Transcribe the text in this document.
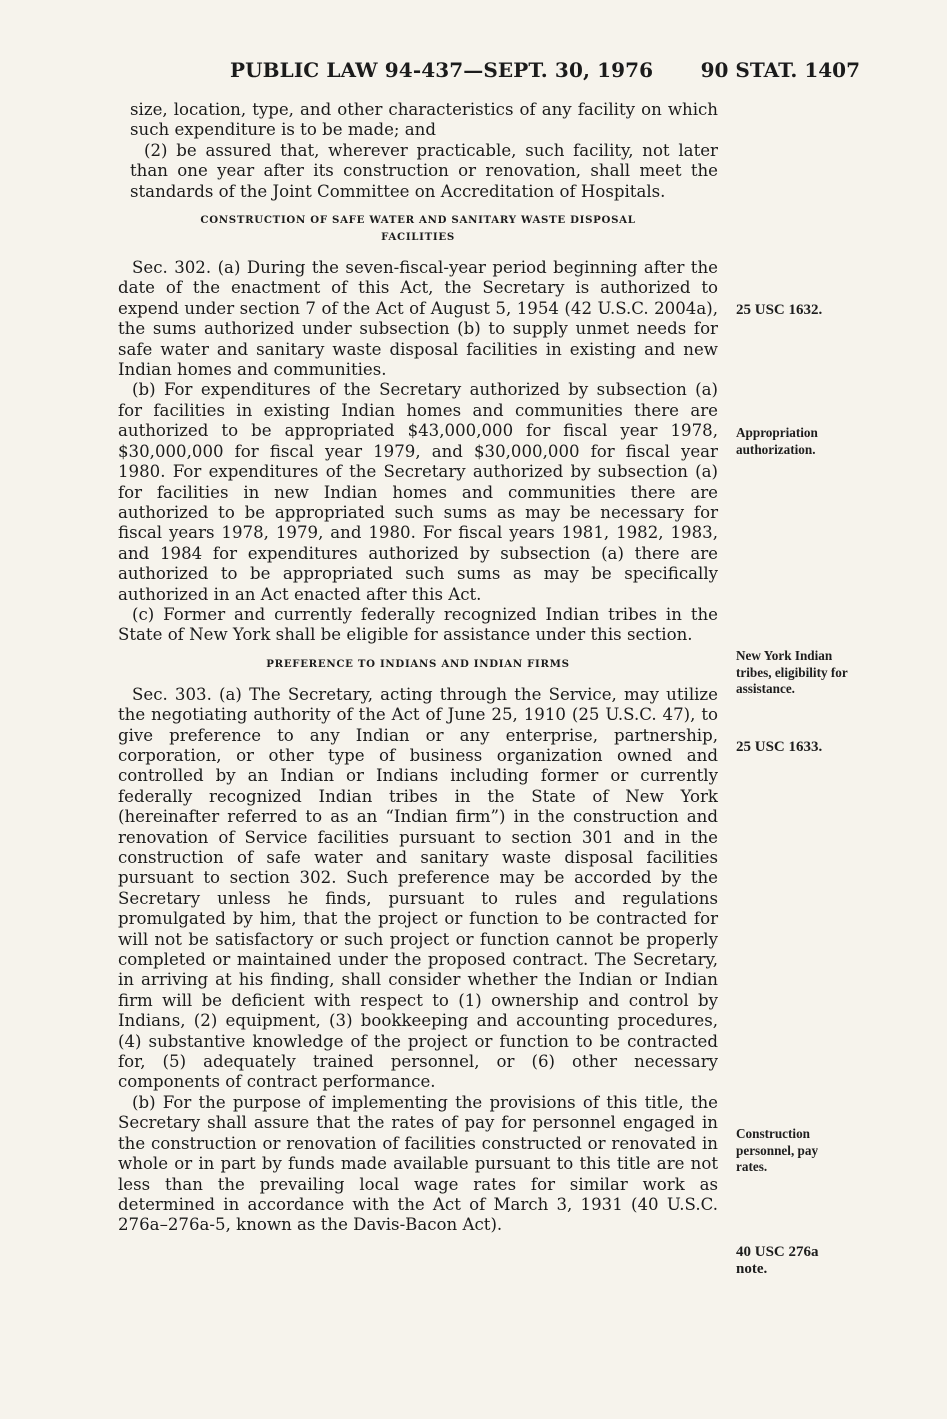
PUBLIC LAW 94-437—SEPT. 30, 1976 90 STAT. 1407

size, location, type, and other characteristics of any facility on which such expenditure is to be made; and

(2) be assured that, wherever practicable, such facility, not later than one year after its construction or renovation, shall meet the standards of the Joint Committee on Accreditation of Hospitals.

CONSTRUCTION OF SAFE WATER AND SANITARY WASTE DISPOSAL FACILITIES

Sec. 302. (a) During the seven-fiscal-year period beginning after the date of the enactment of this Act, the Secretary is authorized to expend under section 7 of the Act of August 5, 1954 (42 U.S.C. 2004a), the sums authorized under subsection (b) to supply unmet needs for safe water and sanitary waste disposal facilities in existing and new Indian homes and communities.

(b) For expenditures of the Secretary authorized by subsection (a) for facilities in existing Indian homes and communities there are authorized to be appropriated $43,000,000 for fiscal year 1978, $30,000,000 for fiscal year 1979, and $30,000,000 for fiscal year 1980. For expenditures of the Secretary authorized by subsection (a) for facilities in new Indian homes and communities there are authorized to be appropriated such sums as may be necessary for fiscal years 1978, 1979, and 1980. For fiscal years 1981, 1982, 1983, and 1984 for expenditures authorized by subsection (a) there are authorized to be appropriated such sums as may be specifically authorized in an Act enacted after this Act.

(c) Former and currently federally recognized Indian tribes in the State of New York shall be eligible for assistance under this section.

PREFERENCE TO INDIANS AND INDIAN FIRMS

Sec. 303. (a) The Secretary, acting through the Service, may utilize the negotiating authority of the Act of June 25, 1910 (25 U.S.C. 47), to give preference to any Indian or any enterprise, partnership, corporation, or other type of business organization owned and controlled by an Indian or Indians including former or currently federally recognized Indian tribes in the State of New York (hereinafter referred to as an “Indian firm”) in the construction and renovation of Service facilities pursuant to section 301 and in the construction of safe water and sanitary waste disposal facilities pursuant to section 302. Such preference may be accorded by the Secretary unless he finds, pursuant to rules and regulations promulgated by him, that the project or function to be contracted for will not be satisfactory or such project or function cannot be properly completed or maintained under the proposed contract. The Secretary, in arriving at his finding, shall consider whether the Indian or Indian firm will be deficient with respect to (1) ownership and control by Indians, (2) equipment, (3) bookkeeping and accounting procedures, (4) substantive knowledge of the project or function to be contracted for, (5) adequately trained personnel, or (6) other necessary components of contract performance.

(b) For the purpose of implementing the provisions of this title, the Secretary shall assure that the rates of pay for personnel engaged in the construction or renovation of facilities constructed or renovated in whole or in part by funds made available pursuant to this title are not less than the prevailing local wage rates for similar work as determined in accordance with the Act of March 3, 1931 (40 U.S.C. 276a–276a-5, known as the Davis-Bacon Act).

25 USC 1632.
Appropriation authorization.
New York Indian tribes, eligibility for assistance.
25 USC 1633.
Construction personnel, pay rates.
40 USC 276a note.
